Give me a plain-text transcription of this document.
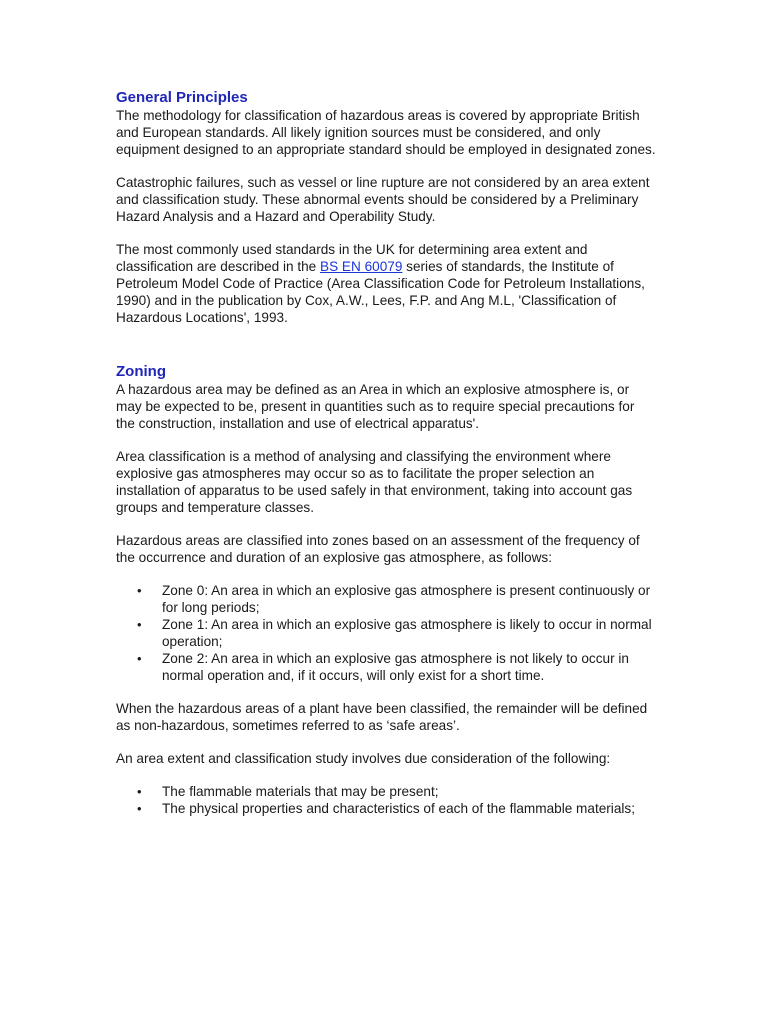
General Principles

The methodology for classification of hazardous areas is covered by appropriate British and European standards. All likely ignition sources must be considered, and only equipment designed to an appropriate standard should be employed in designated zones.

Catastrophic failures, such as vessel or line rupture are not considered by an area extent and classification study. These abnormal events should be considered by a Preliminary Hazard Analysis and a Hazard and Operability Study.

The most commonly used standards in the UK for determining area extent and classification are described in the BS EN 60079 series of standards, the Institute of Petroleum Model Code of Practice (Area Classification Code for Petroleum Installations, 1990) and in the publication by Cox, A.W., Lees, F.P. and Ang M.L, 'Classification of Hazardous Locations', 1993.

Zoning

A hazardous area may be defined as an Area in which an explosive atmosphere is, or may be expected to be, present in quantities such as to require special precautions for the construction, installation and use of electrical apparatus'.

Area classification is a method of analysing and classifying the environment where explosive gas atmospheres may occur so as to facilitate the proper selection an installation of apparatus to be used safely in that environment, taking into account gas groups and temperature classes.

Hazardous areas are classified into zones based on an assessment of the frequency of the occurrence and duration of an explosive gas atmosphere, as follows:

• Zone 0: An area in which an explosive gas atmosphere is present continuously or for long periods;
• Zone 1: An area in which an explosive gas atmosphere is likely to occur in normal operation;
• Zone 2: An area in which an explosive gas atmosphere is not likely to occur in normal operation and, if it occurs, will only exist for a short time.

When the hazardous areas of a plant have been classified, the remainder will be defined as non-hazardous, sometimes referred to as ‘safe areas’.

An area extent and classification study involves due consideration of the following:

• The flammable materials that may be present;
• The physical properties and characteristics of each of the flammable materials;
